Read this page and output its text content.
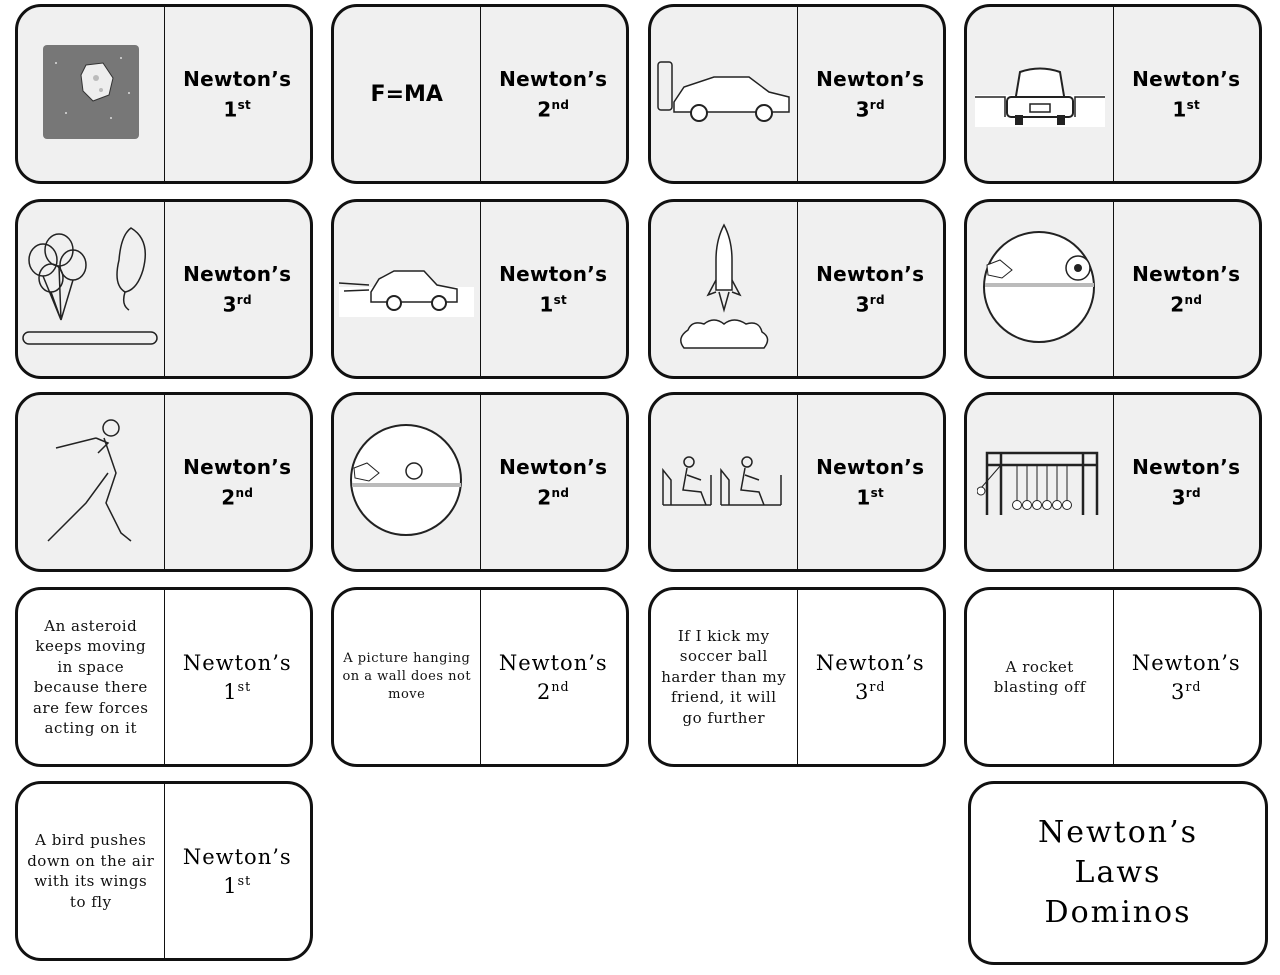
Newton’s
1st	F=MA
Newton’s
2nd
Newton’s
3rd
Newton’s
1st
Newton’s
3rd
Newton’s
1st
Newton’s
3rd
Newton’s
2nd
Newton’s
2nd
Newton’s
2nd
Newton’s
1st
Newton’s
3rd
An asteroid keeps moving in space because there are few forces acting on it
Newton’s
1st
A picture hanging on a wall does not move
Newton’s
2nd
If I kick my soccer ball harder than my friend, it will go further
Newton’s
3rd
A rocket blasting off
Newton’s
3rd
A bird pushes down on the air with its wings to fly
Newton’s
1st
Newton’s
Laws
Dominos
